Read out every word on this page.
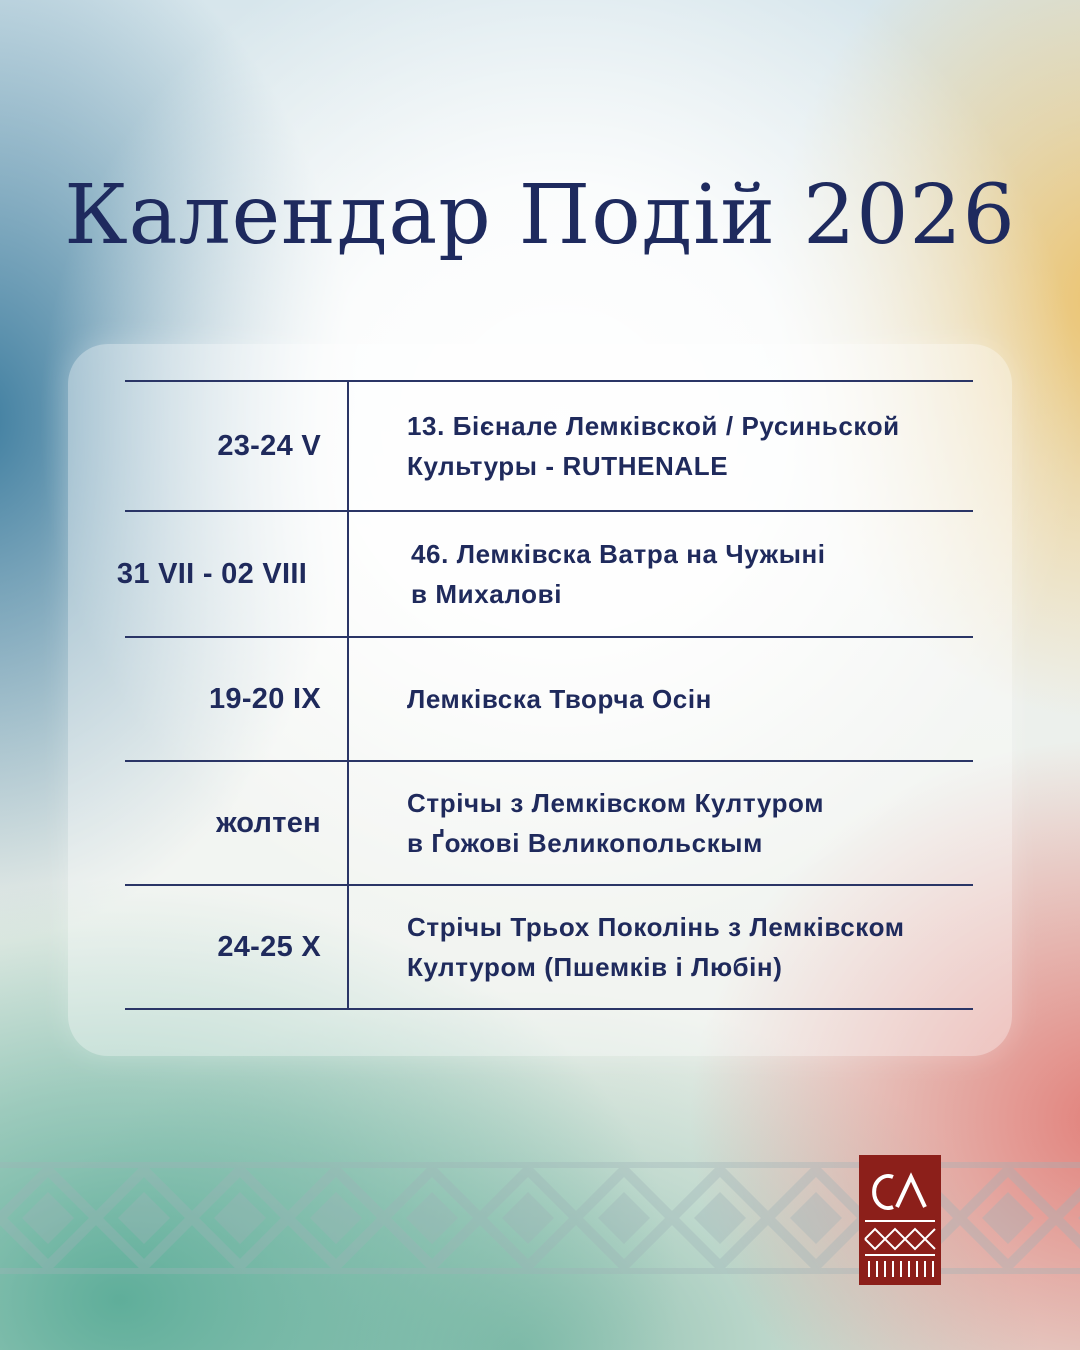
Календар Подій 2026
23-24 V
13. Бієнале Лемківской / Русиньской
Культуры - RUTHENALE
31 VII - 02 VIII
46. Лемківска Ватра на Чужыні
в Михалові
19-20 IX	Лемківска Творча Осін
жолтен
Стрічы з Лемківском Културом
в Ґожові Великопольскым
24-25 X
Стрічы Трьох Поколінь з Лемківском
Културом (Пшемків і Любін)
